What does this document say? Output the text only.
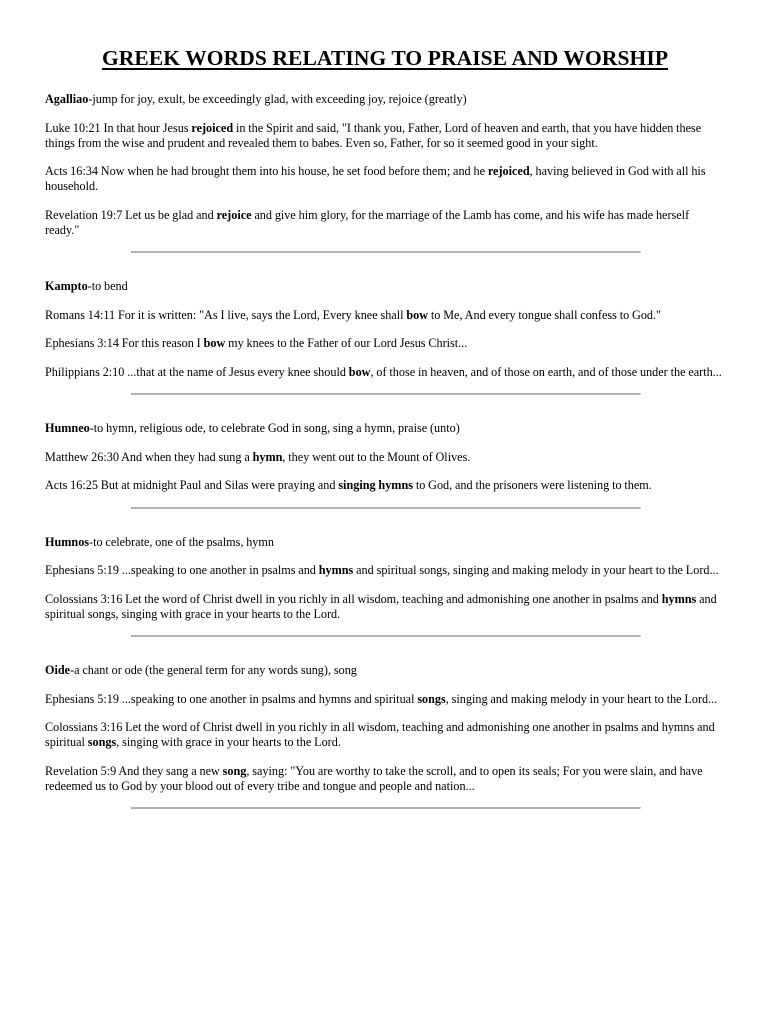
GREEK WORDS RELATING TO PRAISE AND WORSHIP

Agalliao-jump for joy, exult, be exceedingly glad, with exceeding joy, rejoice (greatly)

Luke 10:21 In that hour Jesus rejoiced in the Spirit and said, "I thank you, Father, Lord of heaven and earth, that you have hidden these things from the wise and prudent and revealed them to babes. Even so, Father, for so it seemed good in your sight.

Acts 16:34 Now when he had brought them into his house, he set food before them; and he rejoiced, having believed in God with all his household.

Revelation 19:7 Let us be glad and rejoice and give him glory, for the marriage of the Lamb has come, and his wife has made herself ready."

Kampto-to bend

Romans 14:11 For it is written: "As I live, says the Lord, Every knee shall bow to Me, And every tongue shall confess to God."

Ephesians 3:14 For this reason I bow my knees to the Father of our Lord Jesus Christ...

Philippians 2:10 ...that at the name of Jesus every knee should bow, of those in heaven, and of those on earth, and of those under the earth...

Humneo-to hymn, religious ode, to celebrate God in song, sing a hymn, praise (unto)

Matthew 26:30 And when they had sung a hymn, they went out to the Mount of Olives.

Acts 16:25 But at midnight Paul and Silas were praying and singing hymns to God, and the prisoners were listening to them.

Humnos-to celebrate, one of the psalms, hymn

Ephesians 5:19 ...speaking to one another in psalms and hymns and spiritual songs, singing and making melody in your heart to the Lord...

Colossians 3:16 Let the word of Christ dwell in you richly in all wisdom, teaching and admonishing one another in psalms and hymns and spiritual songs, singing with grace in your hearts to the Lord.

Oide-a chant or ode (the general term for any words sung), song

Ephesians 5:19 ...speaking to one another in psalms and hymns and spiritual songs, singing and making melody in your heart to the Lord...

Colossians 3:16 Let the word of Christ dwell in you richly in all wisdom, teaching and admonishing one another in psalms and hymns and spiritual songs, singing with grace in your hearts to the Lord.

Revelation 5:9 And they sang a new song, saying: "You are worthy to take the scroll, and to open its seals; For you were slain, and have redeemed us to God by your blood out of every tribe and tongue and people and nation...
